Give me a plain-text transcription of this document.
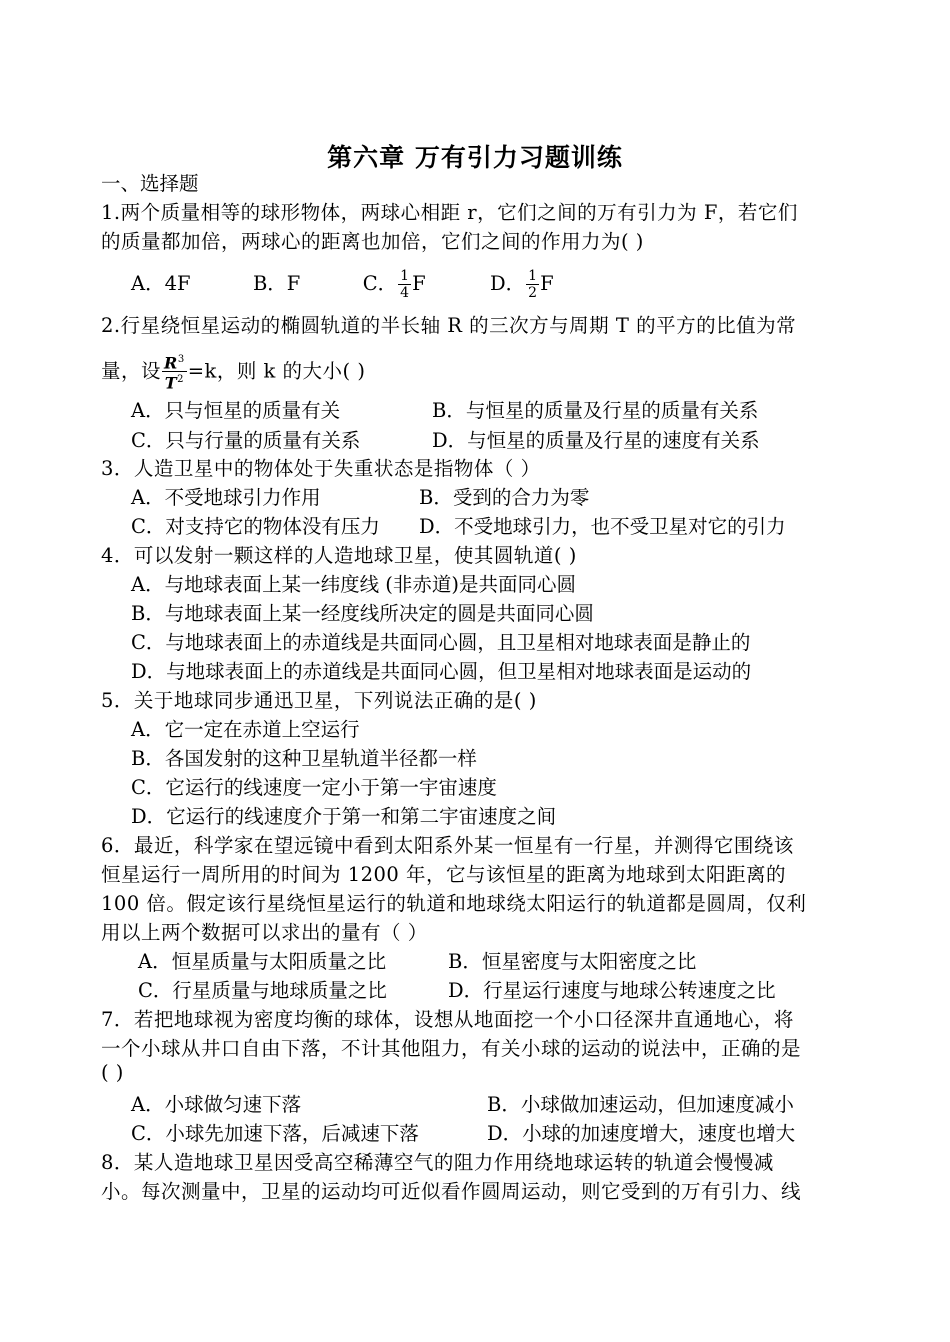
第六章 万有引力习题训练
一、选择题
1.两个质量相等的球形物体，两球心相距 r，它们之间的万有引力为 F，若它们
的质量都加倍，两球心的距离也加倍，它们之间的作用力为( )
A．4F	B．F	C． $\frac{1}{4}$ F	D． $\frac{1}{2}$ F
2.行星绕恒星运动的椭圆轨道的半长轴 R 的三次方与周期 T 的平方的比值为常
量，设 $\frac{R^3}{T^2} =k$，则 k 的大小( )
A．只与恒星的质量有关	B．与恒星的质量及行星的质量有关系
C．只与行量的质量有关系	D．与恒星的质量及行星的速度有关系
3．人造卫星中的物体处于失重状态是指物体（ ）
A．不受地球引力作用	B．受到的合力为零
C．对支持它的物体没有压力 D．不受地球引力，也不受卫星对它的引力
4．可以发射一颗这样的人造地球卫星，使其圆轨道( )
A．与地球表面上某一纬度线 (非赤道)是共面同心圆
B．与地球表面上某一经度线所决定的圆是共面同心圆
C．与地球表面上的赤道线是共面同心圆，且卫星相对地球表面是静止的
D．与地球表面上的赤道线是共面同心圆，但卫星相对地球表面是运动的
5．关于地球同步通迅卫星，下列说法正确的是( )
A．它一定在赤道上空运行
B．各国发射的这种卫星轨道半径都一样
C．它运行的线速度一定小于第一宇宙速度
D．它运行的线速度介于第一和第二宇宙速度之间
6．最近，科学家在望远镜中看到太阳系外某一恒星有一行星，并测得它围绕该
恒星运行一周所用的时间为 1200 年，它与该恒星的距离为地球到太阳距离的
100 倍。假定该行星绕恒星运行的轨道和地球绕太阳运行的轨道都是圆周，仅利
用以上两个数据可以求出的量有（ ）
A．恒星质量与太阳质量之比	B．恒星密度与太阳密度之比
C．行星质量与地球质量之比	D．行星运行速度与地球公转速度之比
7．若把地球视为密度均衡的球体，设想从地面挖一个小口径深井直通地心，将
一个小球从井口自由下落，不计其他阻力，有关小球的运动的说法中，正确的是
( )
A．小球做匀速下落	B．小球做加速运动，但加速度减小
C．小球先加速下落，后减速下落	D．小球的加速度增大，速度也增大
8．某人造地球卫星因受高空稀薄空气的阻力作用绕地球运转的轨道会慢慢减
小。每次测量中，卫星的运动均可近似看作圆周运动，则它受到的万有引力、线
